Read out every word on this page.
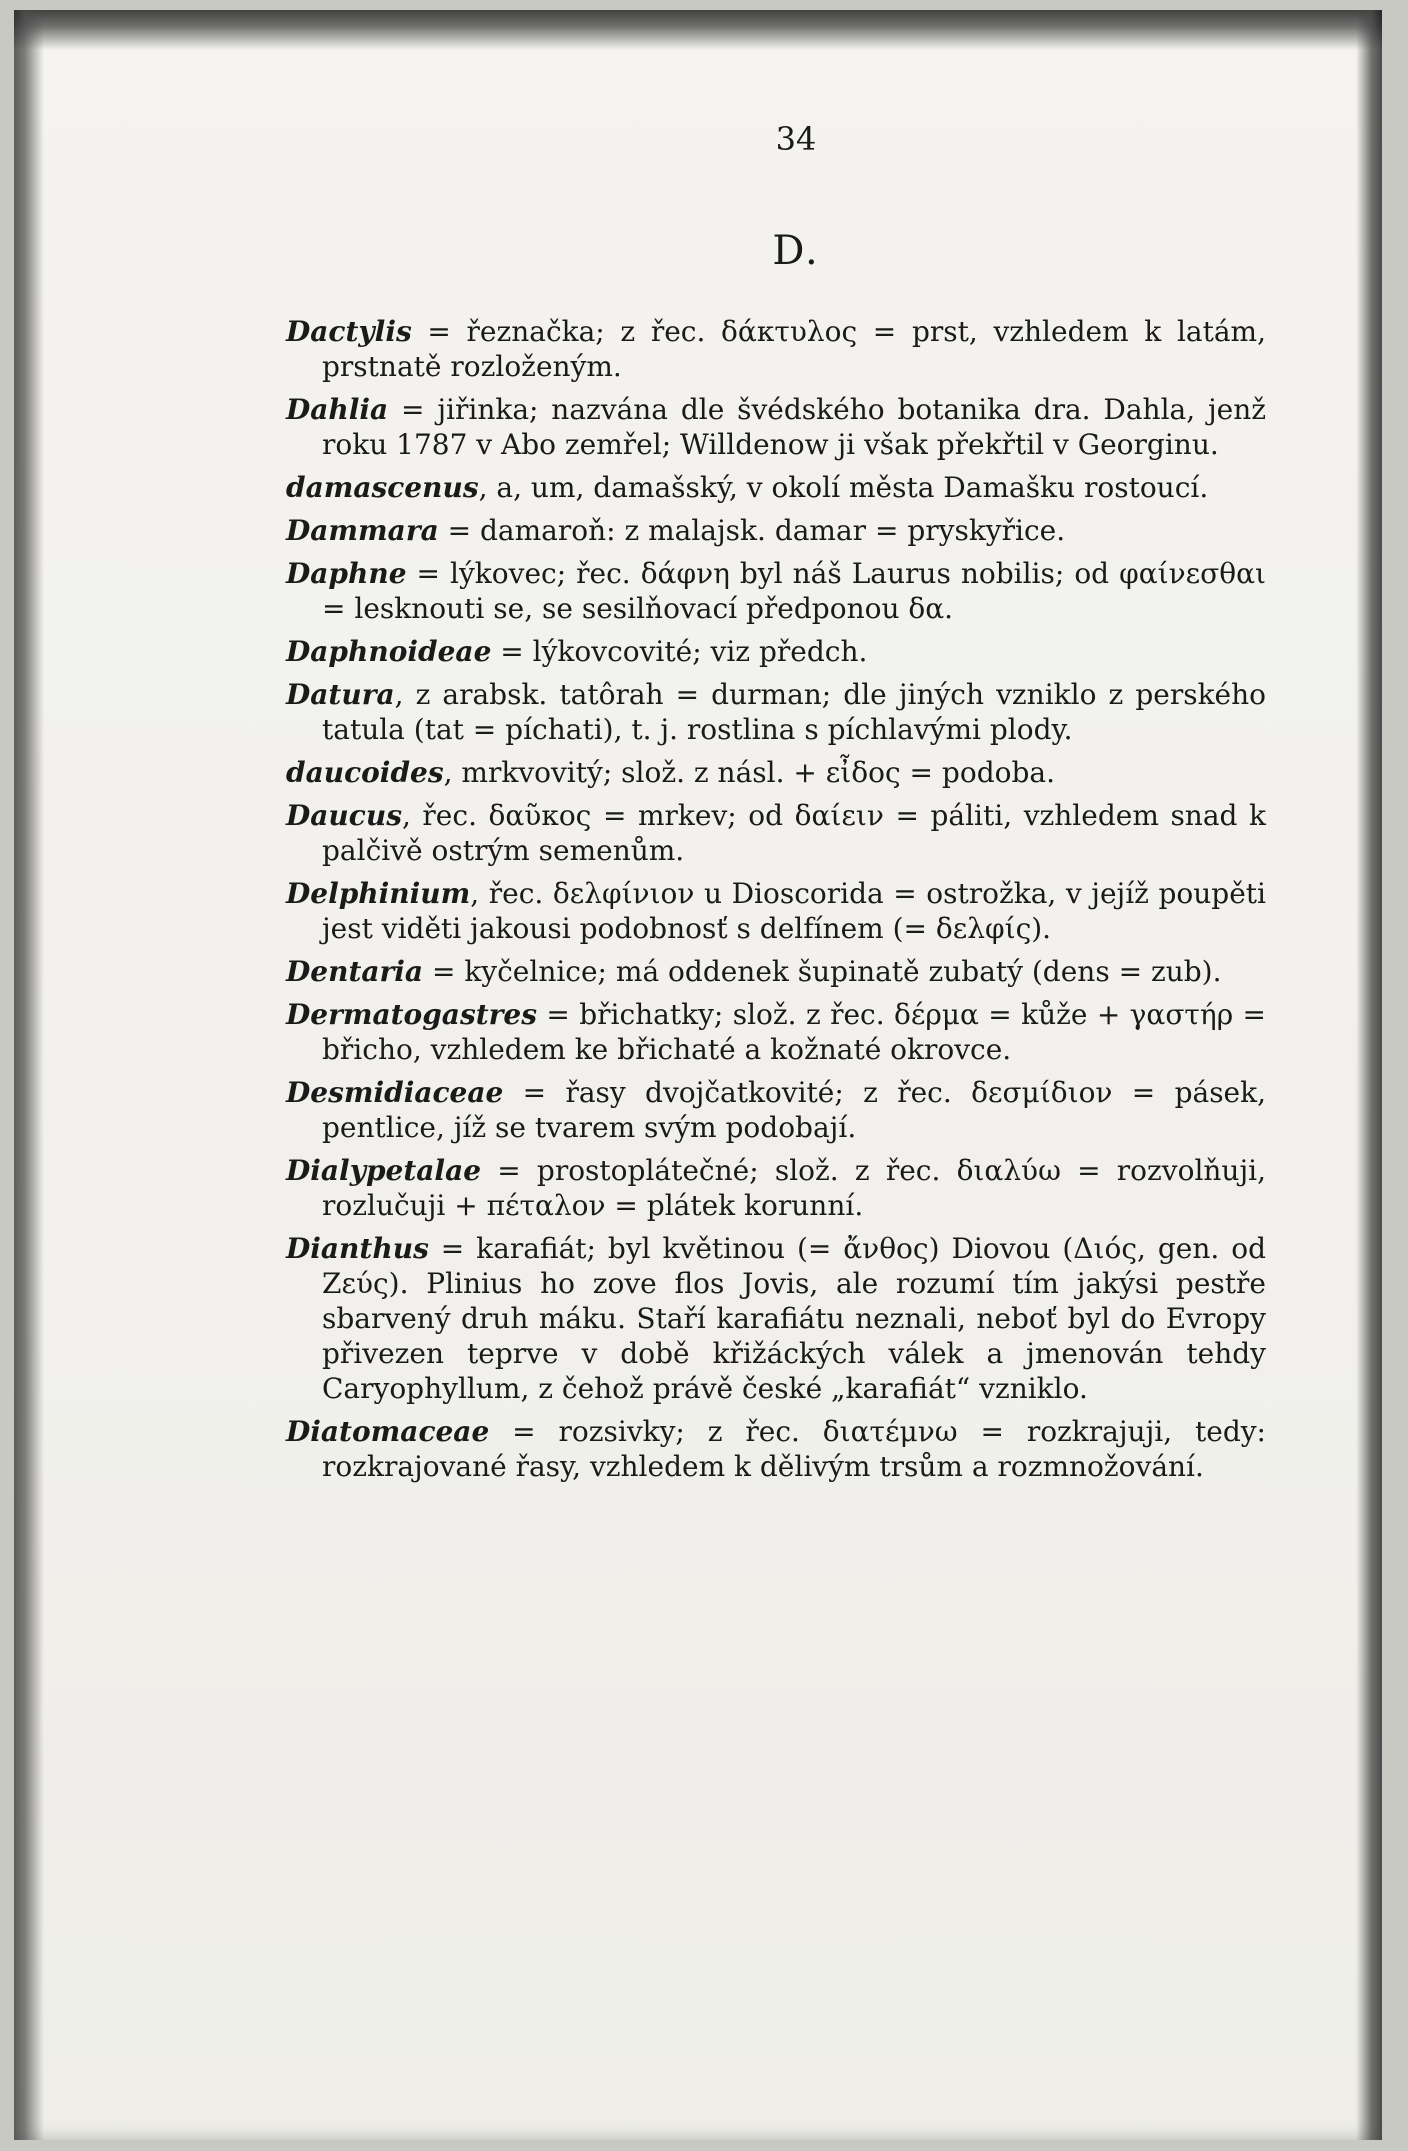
34
D.
Dactylis = řeznačka; z řec. δάκτυλος = prst, vzhledem k latám, prstnatě rozloženým.
Dahlia = jiřinka; nazvána dle švédského botanika dra. Dahla, jenž roku 1787 v Abo zemřel; Willdenow ji však překřtil v Georginu.
damascenus, a, um, damašský, v okolí města Damašku rostoucí.
Dammara = damaroň: z malajsk. damar = pryskyřice.
Daphne = lýkovec; řec. δάφνη byl náš Laurus nobilis; od φαίνεσθαι = lesknouti se, se sesilňovací předponou δα.
Daphnoideae = lýkovcovité; viz předch.
Datura, z arabsk. tatôrah = durman; dle jiných vzniklo z perského tatula (tat = píchati), t. j. rostlina s píchlavými plody.
daucoides, mrkvovitý; slož. z násl. + εἶδος = podoba.
Daucus, řec. δαῦκος = mrkev; od δαίειν = páliti, vzhledem snad k palčivě ostrým semenům.
Delphinium, řec. δελφίνιον u Dioscorida = ostrožka, v jejíž poupěti jest viděti jakousi podobnosť s delfínem (= δελφίς).
Dentaria = kyčelnice; má oddenek šupinatě zubatý (dens = zub).
Dermatogastres = břichatky; slož. z řec. δέρμα = kůže + γαστήρ = břicho, vzhledem ke břichaté a kožnaté okrovce.
Desmidiaceae = řasy dvojčatkovité; z řec. δεσμίδιον = pásek, pentlice, jíž se tvarem svým podobají.
Dialypetalae = prostoplátečné; slož. z řec. διαλύω = rozvolňuji, rozlučuji + πέταλον = plátek korunní.
Dianthus = karafiát; byl květinou (= ἄνθος) Diovou (Διός, gen. od Ζεύς). Plinius ho zove flos Jovis, ale rozumí tím jakýsi pestře sbarvený druh máku. Staří karafiátu neznali, neboť byl do Evropy přivezen teprve v době křižáckých válek a jmenován tehdy Caryophyllum, z čehož právě české „karafiát“ vzniklo.
Diatomaceae = rozsivky; z řec. διατέμνω = rozkrajuji, tedy: rozkrajované řasy, vzhledem k dělivým trsům a rozmnožování.
